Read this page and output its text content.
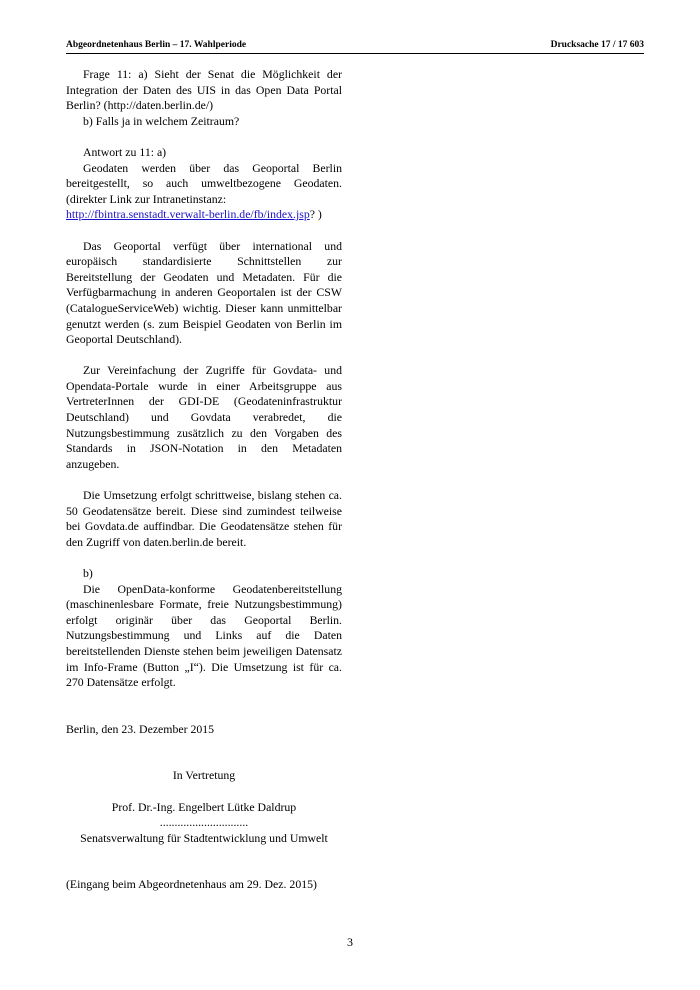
Abgeordnetenhaus Berlin – 17. Wahlperiode	Drucksache 17 / 17 603

Frage 11: a) Sieht der Senat die Möglichkeit der Integration der Daten des UIS in das Open Data Portal Berlin? (http://daten.berlin.de/)

b) Falls ja in welchem Zeitraum?

Antwort zu 11: a)

Geodaten werden über das Geoportal Berlin bereitgestellt, so auch umweltbezogene Geodaten. (direkter Link zur Intranetinstanz:
http://fbintra.senstadt.verwalt-berlin.de/fb/index.jsp? )

Das Geoportal verfügt über international und europäisch standardisierte Schnittstellen zur Bereitstellung der Geodaten und Metadaten. Für die Verfügbarmachung in anderen Geoportalen ist der CSW (CatalogueServiceWeb) wichtig. Dieser kann unmittelbar genutzt werden (s. zum Beispiel Geodaten von Berlin im Geoportal Deutschland).

Zur Vereinfachung der Zugriffe für Govdata- und Opendata-Portale wurde in einer Arbeitsgruppe aus VertreterInnen der GDI-DE (Geodateninfrastruktur Deutschland) und Govdata verabredet, die Nutzungsbestimmung zusätzlich zu den Vorgaben des Standards in JSON-Notation in den Metadaten anzugeben.

Die Umsetzung erfolgt schrittweise, bislang stehen ca. 50 Geodatensätze bereit. Diese sind zumindest teilweise bei Govdata.de auffindbar. Die Geodatensätze stehen für den Zugriff von daten.berlin.de bereit.

b)

Die OpenData-konforme Geodatenbereitstellung (maschinenlesbare Formate, freie Nutzungsbestimmung) erfolgt originär über das Geoportal Berlin. Nutzungsbestimmung und Links auf die Daten bereitstellenden Dienste stehen beim jeweiligen Datensatz im Info-Frame (Button „I“). Die Umsetzung ist für ca. 270 Datensätze erfolgt.

Berlin, den 23. Dezember 2015

In Vertretung

Prof. Dr.-Ing. Engelbert Lütke Daldrup

..............................

Senatsverwaltung für Stadtentwicklung und Umwelt

(Eingang beim Abgeordnetenhaus am 29. Dez. 2015)

3
